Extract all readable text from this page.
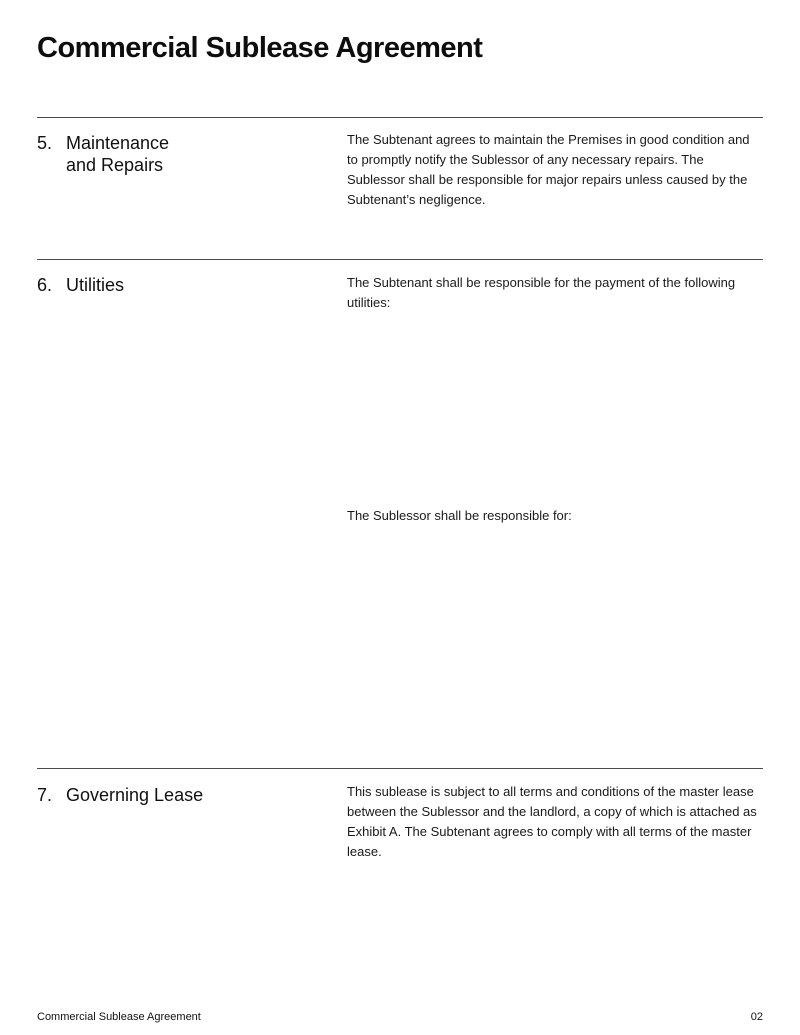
Commercial Sublease Agreement
5. Maintenance
and Repairs

The Subtenant agrees to maintain the Premises in good condition and to promptly notify the Sublessor of any necessary repairs. The Sublessor shall be responsible for major repairs unless caused by the Subtenant’s negligence.

6. Utilities	The Subtenant shall be responsible for the payment of the following utilities:

The Sublessor shall be responsible for:

7. Governing Lease	This sublease is subject to all terms and conditions of the master lease between the Sublessor and the landlord, a copy of which is attached as Exhibit A. The Subtenant agrees to comply with all terms of the master lease.

Commercial Sublease Agreement	02
